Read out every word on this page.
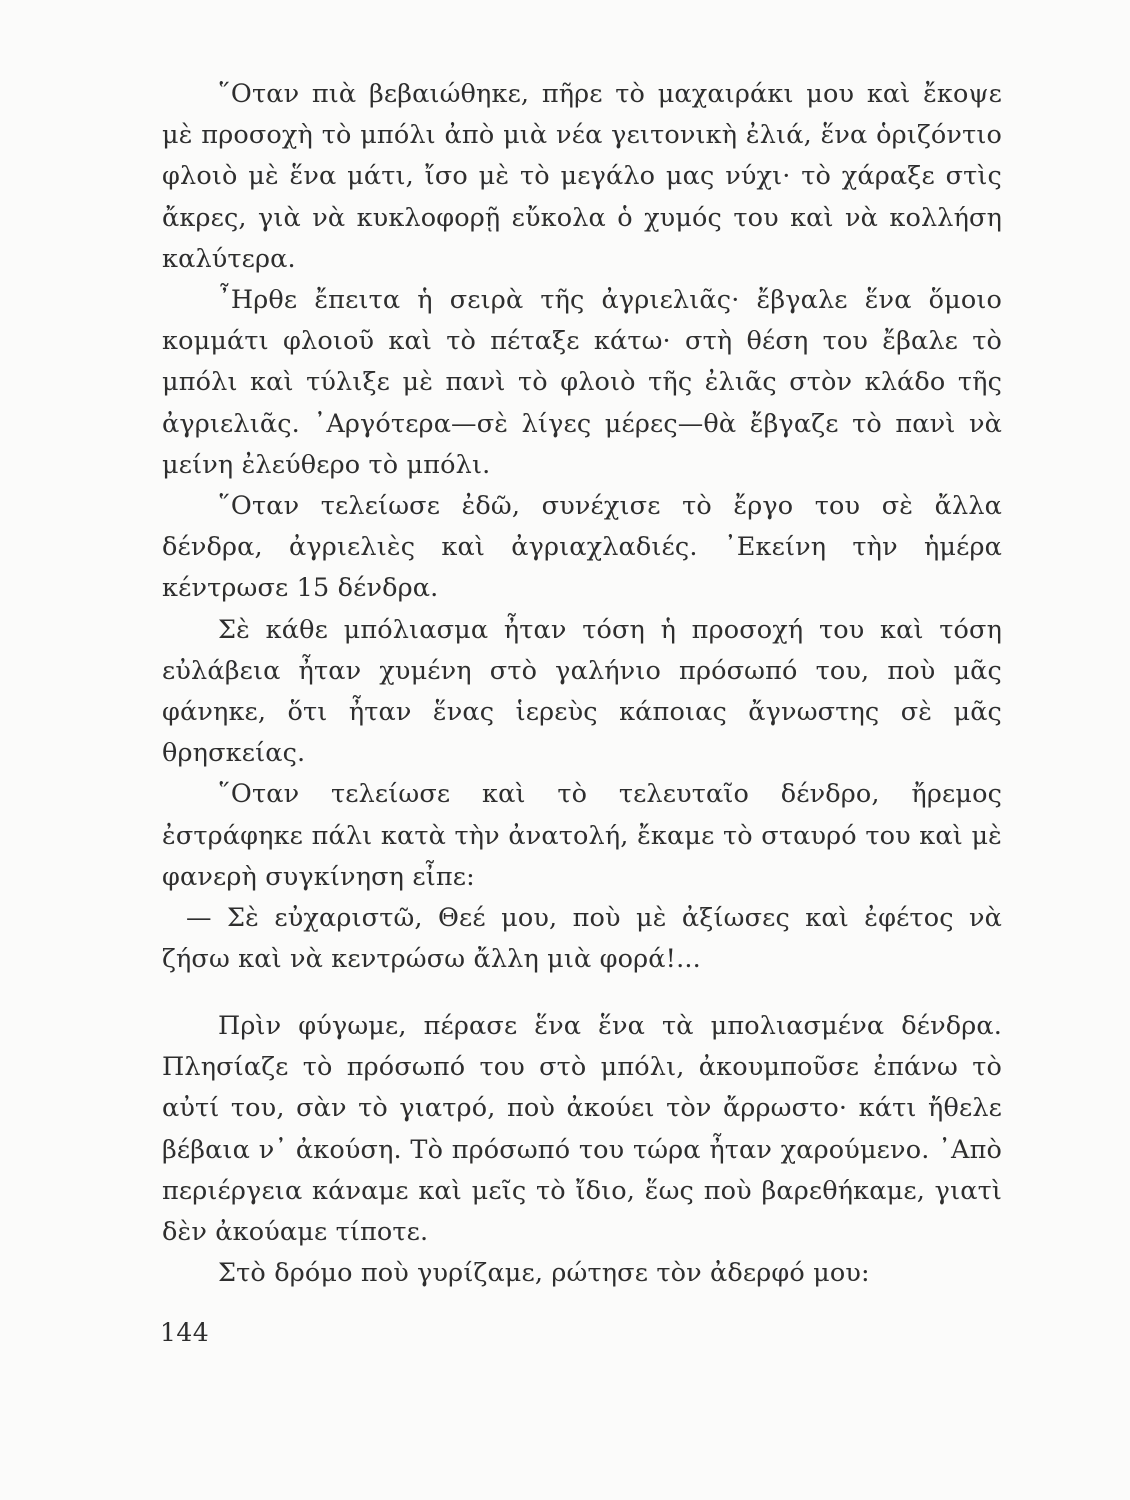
῞Οταν πιὰ βεβαιώθηκε, πῆρε τὸ μαχαιράκι μου καὶ ἔκοψε μὲ προσοχὴ τὸ μπόλι ἀπὸ μιὰ νέα γειτονικὴ ἐλιά, ἕνα ὁριζόντιο φλοιὸ μὲ ἕνα μάτι, ἴσο μὲ τὸ μεγάλο μας νύχι· τὸ χάραξε στὶς ἄκρες, γιὰ νὰ κυκλοφορῇ εὔκολα ὁ χυμός του καὶ νὰ κολλήση καλύτερα.

῏Ηρθε ἔπειτα ἡ σειρὰ τῆς ἀγριελιᾶς· ἔβγαλε ἕνα ὅμοιο κομμάτι φλοιοῦ καὶ τὸ πέταξε κάτω· στὴ θέση του ἔβαλε τὸ μπόλι καὶ τύλιξε μὲ πανὶ τὸ φλοιὸ τῆς ἐλιᾶς στὸν κλάδο τῆς ἀγριελιᾶς. ᾿Αργότερα—σὲ λίγες μέρες—θὰ ἔβγαζε τὸ πανὶ νὰ μείνη ἐλεύθερο τὸ μπόλι.

῞Οταν τελείωσε ἐδῶ, συνέχισε τὸ ἔργο του σὲ ἄλλα δένδρα, ἀγριελιὲς καὶ ἀγριαχλαδιές. ᾿Εκείνη τὴν ἡμέρα κέντρωσε 15 δένδρα.

Σὲ κάθε μπόλιασμα ἦταν τόση ἡ προσοχή του καὶ τόση εὐλάβεια ἦταν χυμένη στὸ γαλήνιο πρόσωπό του, ποὺ μᾶς φάνηκε, ὅτι ἦταν ἕνας ἱερεὺς κάποιας ἄγνωστης σὲ μᾶς θρησκείας.

῞Οταν τελείωσε καὶ τὸ τελευταῖο δένδρο, ἤρεμος ἐστράφηκε πάλι κατὰ τὴν ἀνατολή, ἔκαμε τὸ σταυρό του καὶ μὲ φανερὴ συγκίνηση εἶπε:

— Σὲ εὐχαριστῶ, Θεέ μου, ποὺ μὲ ἀξίωσες καὶ ἐφέτος νὰ ζήσω καὶ νὰ κεντρώσω ἄλλη μιὰ φορά!...

Πρὶν φύγωμε, πέρασε ἕνα ἕνα τὰ μπολιασμένα δένδρα. Πλησίαζε τὸ πρόσωπό του στὸ μπόλι, ἀκουμποῦσε ἐπάνω τὸ αὐτί του, σὰν τὸ γιατρό, ποὺ ἀκούει τὸν ἄρρωστο· κάτι ἤθελε βέβαια ν᾿ ἀκούση. Τὸ πρόσωπό του τώρα ἦταν χαρούμενο. ᾿Απὸ περιέργεια κάναμε καὶ μεῖς τὸ ἴδιο, ἕως ποὺ βαρεθήκαμε, γιατὶ δὲν ἀκούαμε τίποτε.

Στὸ δρόμο ποὺ γυρίζαμε, ρώτησε τὸν ἀδερφό μου:

144
